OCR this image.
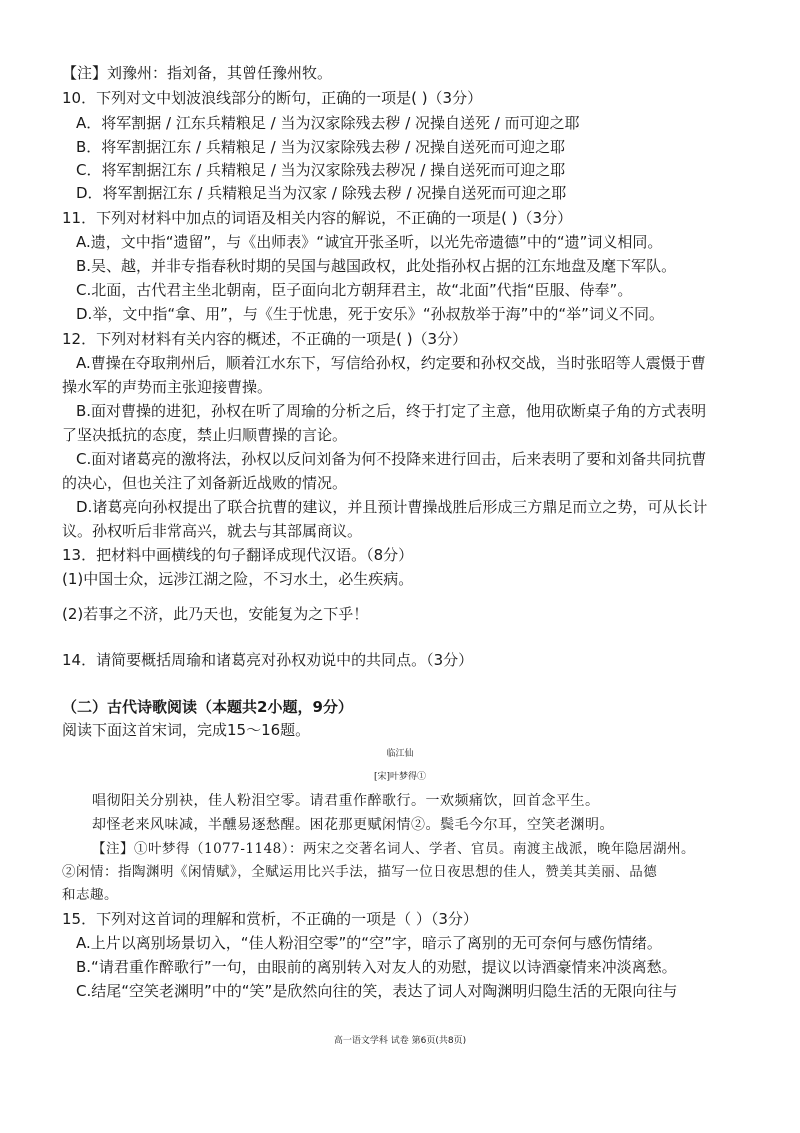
【注】刘豫州：指刘备，其曾任豫州牧。
10．下列对文中划波浪线部分的断句，正确的一项是( )（3分）
A．将军割据 / 江东兵精粮足 / 当为汉家除残去秽 / 况操自送死 / 而可迎之耶
B．将军割据江东 / 兵精粮足 / 当为汉家除残去秽 / 况操自送死而可迎之耶
C．将军割据江东 / 兵精粮足 / 当为汉家除残去秽况 / 操自送死而可迎之耶
D．将军割据江东 / 兵精粮足当为汉家 / 除残去秽 / 况操自送死而可迎之耶
11．下列对材料中加点的词语及相关内容的解说，不正确的一项是( )（3分）
A.遗，文中指“遗留”，与《出师表》“诚宜开张圣听，以光先帝遗德”中的“遗”词义相同。
B.吴、越，并非专指春秋时期的吴国与越国政权，此处指孙权占据的江东地盘及麾下军队。
C.北面，古代君主坐北朝南，臣子面向北方朝拜君主，故“北面”代指“臣服、侍奉”。
D.举，文中指“拿、用”，与《生于忧患，死于安乐》“孙叔敖举于海”中的“举”词义不同。
12．下列对材料有关内容的概述，不正确的一项是( )（3分）
A.曹操在夺取荆州后，顺着江水东下，写信给孙权，约定要和孙权交战，当时张昭等人震慑于曹
操水军的声势而主张迎接曹操。
B.面对曹操的进犯，孙权在听了周瑜的分析之后，终于打定了主意，他用砍断桌子角的方式表明
了坚决抵抗的态度，禁止归顺曹操的言论。
C.面对诸葛亮的激将法，孙权以反问刘备为何不投降来进行回击，后来表明了要和刘备共同抗曹
的决心，但也关注了刘备新近战败的情况。
D.诸葛亮向孙权提出了联合抗曹的建议，并且预计曹操战胜后形成三方鼎足而立之势，可从长计
议。孙权听后非常高兴，就去与其部属商议。
13．把材料中画横线的句子翻译成现代汉语。（8分）
(1)中国士众，远涉江湖之险，不习水土，必生疾病。
(2)若事之不济，此乃天也，安能复为之下乎！
14．请简要概括周瑜和诸葛亮对孙权劝说中的共同点。（3分）
（二）古代诗歌阅读（本题共2小题，9分）
阅读下面这首宋词，完成15～16题。
临江仙
[宋]叶梦得①
唱彻阳关分别袂，佳人粉泪空零。请君重作醉歌行。一欢频痛饮，回首念平生。
却怪老来风味减，半醺易逐愁醒。困花那更赋闲情②。鬓毛今尔耳，空笑老渊明。
【注】①叶梦得（1077-1148）：两宋之交著名词人、学者、官员。南渡主战派，晚年隐居湖州。
②闲情：指陶渊明《闲情赋》，全赋运用比兴手法，描写一位日夜思想的佳人，赞美其美丽、品德
和志趣。
15．下列对这首词的理解和赏析，不正确的一项是（ ）（3分）
A.上片以离别场景切入，“佳人粉泪空零”的“空”字，暗示了离别的无可奈何与感伤情绪。
B.“请君重作醉歌行”一句，由眼前的离别转入对友人的劝慰，提议以诗酒豪情来冲淡离愁。
C.结尾“空笑老渊明”中的“笑”是欣然向往的笑，表达了词人对陶渊明归隐生活的无限向往与
高一语文学科 试卷 第6页(共8页)
